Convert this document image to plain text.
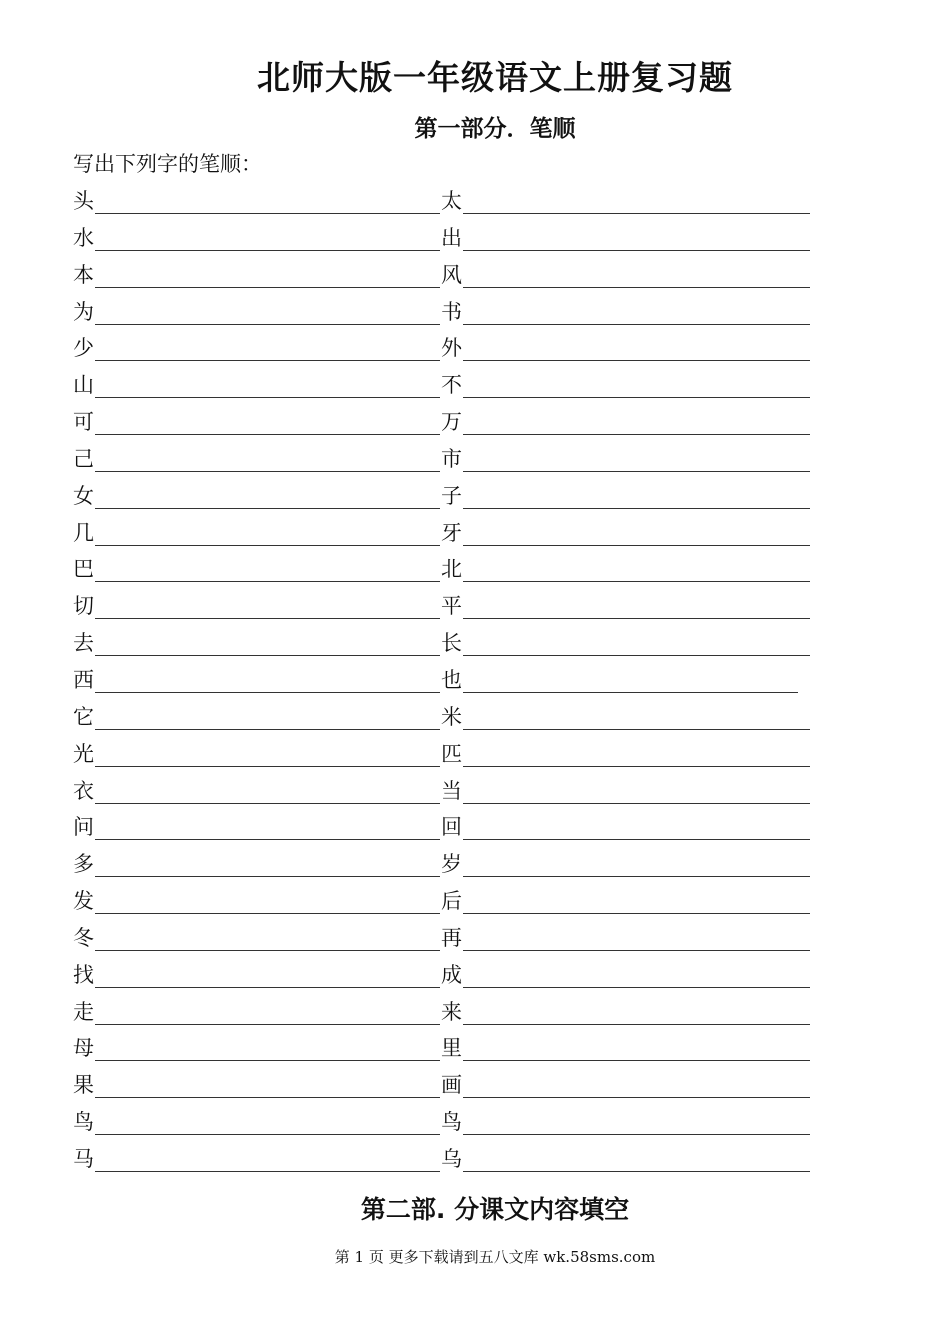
北师大版一年级语文上册复习题
第一部分．笔顺
写出下列字的笔顺：
头	太
水	出
本	风
为	书
少	外
山	不
可	万
己	市
女	子
几	牙
巴	北
切	平
去	长
西	也
它	米
光	匹
衣	当
问	回
多	岁
发	后
冬	再
找	成
走	来
母	里
果	画
鸟	鸟
马	乌
第二部. 分课文内容填空
第 1 页 更多下载请到五八文库 wk.58sms.com
